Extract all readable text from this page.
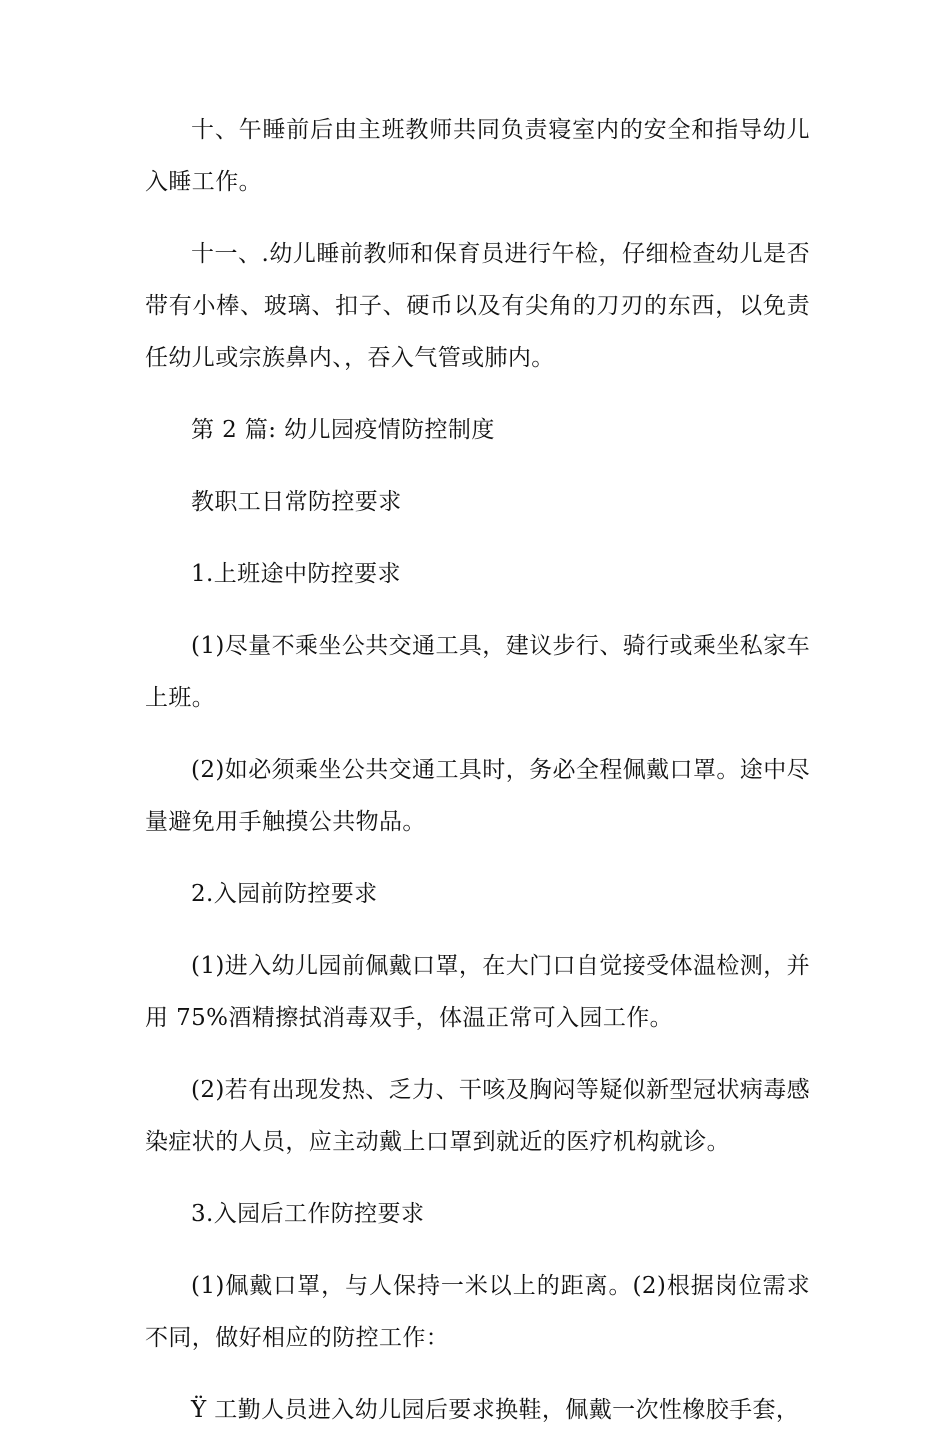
十、午睡前后由主班教师共同负责寝室内的安全和指导幼儿入睡工作。

十一、.幼儿睡前教师和保育员进行午检，仔细检查幼儿是否带有小棒、玻璃、扣子、硬币以及有尖角的刀刃的东西，以免责任幼儿或宗族鼻内、，吞入气管或肺内。

第 2 篇: 幼儿园疫情防控制度

教职工日常防控要求

1.上班途中防控要求

(1)尽量不乘坐公共交通工具，建议步行、骑行或乘坐私家车上班。

(2)如必须乘坐公共交通工具时，务必全程佩戴口罩。途中尽量避免用手触摸公共物品。

2.入园前防控要求

(1)进入幼儿园前佩戴口罩，在大门口自觉接受体温检测，并用 75%酒精擦拭消毒双手，体温正常可入园工作。

(2)若有出现发热、乏力、干咳及胸闷等疑似新型冠状病毒感染症状的人员，应主动戴上口罩到就近的医疗机构就诊。

3.入园后工作防控要求

(1)佩戴口罩，与人保持一米以上的距离。(2)根据岗位需求不同，做好相应的防控工作：

Ÿ 工勤人员进入幼儿园后要求换鞋，佩戴一次性橡胶手套，
